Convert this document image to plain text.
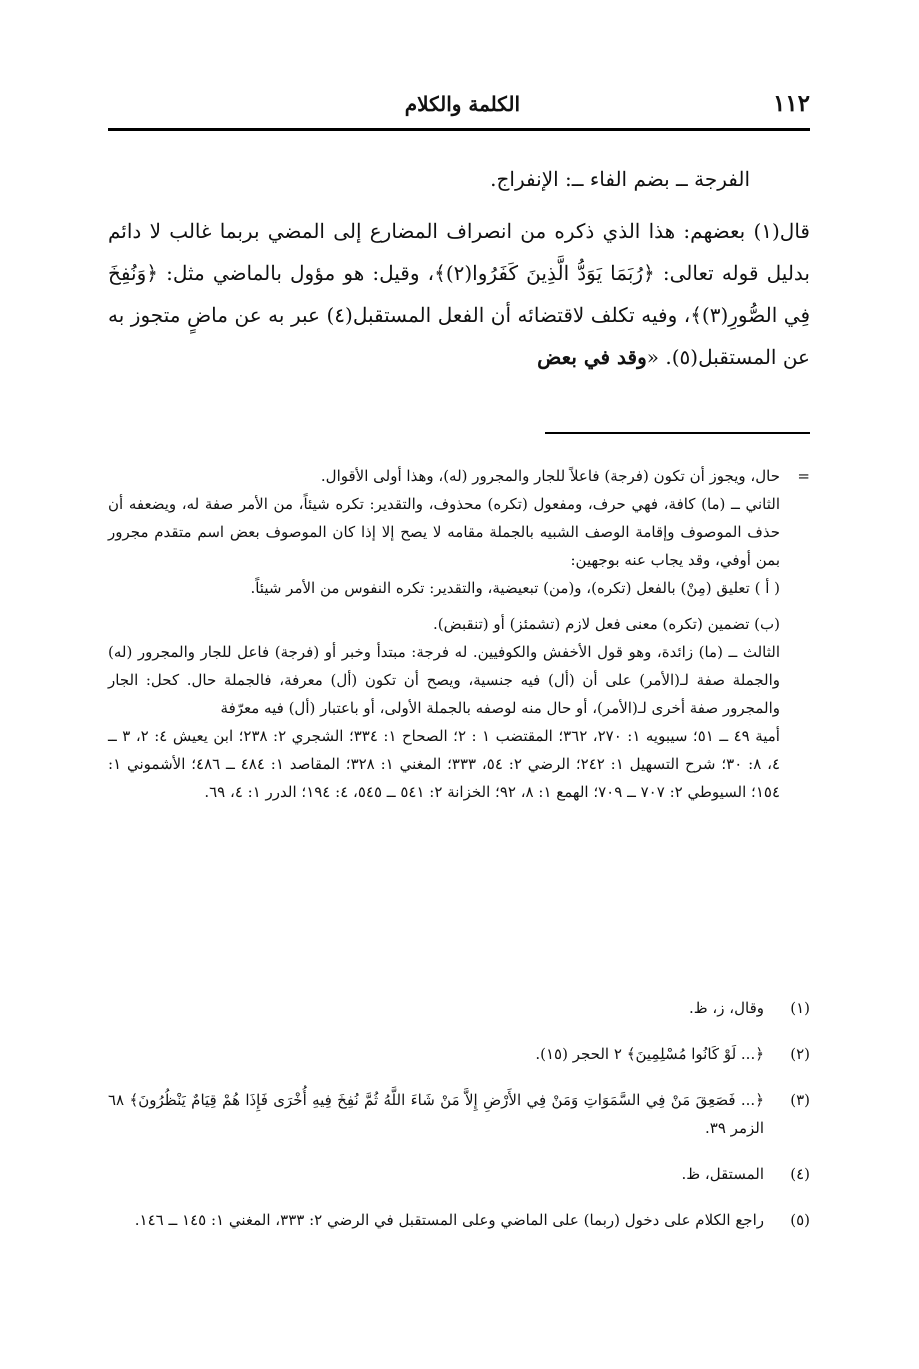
١١٢
الكلمة والكلام

الفرجة ــ بضم الفاء ــ: الإنفراج.

قال(١) بعضهم: هذا الذي ذكره من انصراف المضارع إلى المضي بربما غالب لا دائم بدليل قوله تعالى: ﴿رُبَمَا يَوَدُّ الَّذِينَ كَفَرُوا(٢)﴾، وقيل: هو مؤول بالماضي مثل: ﴿وَنُفِخَ فِي الصُّورِ(٣)﴾، وفيه تكلف لاقتضائه أن الفعل المستقبل(٤) عبر به عن ماضٍ متجوز به عن المستقبل(٥). «وقد في بعض

=حال، ويجوز أن تكون (فرجة) فاعلاً للجار والمجرور (له)، وهذا أولى الأقوال.

الثاني ــ (ما) كافة، فهي حرف، ومفعول (تكره) محذوف، والتقدير: تكره شيئاً، من الأمر صفة له، ويضعفه أن حذف الموصوف وإقامة الوصف الشبيه بالجملة مقامه لا يصح إلا إذا كان الموصوف بعض اسم متقدم مجرور بمن أوفي، وقد يجاب عنه بوجهين:

( أ ) تعليق (مِنْ) بالفعل (تكره)، و(من) تبعيضية، والتقدير: تكره النفوس من الأمر شيئاً.

(ب) تضمين (تكره) معنى فعل لازم (تشمئز) أو (تنقبض).

الثالث ــ (ما) زائدة، وهو قول الأخفش والكوفيين. له فرجة: مبتدأ وخبر أو (فرجة) فاعل للجار والمجرور (له) والجملة صفة لـ(الأمر) على أن (أل) فيه جنسية، ويصح أن تكون (أل) معرفة، فالجملة حال. كحل: الجار والمجرور صفة أخرى لـ(الأمر)، أو حال منه لوصفه بالجملة الأولى، أو باعتبار (أل) فيه معرّفة

أمية ٤٩ ــ ٥١؛ سيبويه ١: ٢٧٠، ٣٦٢؛ المقتضب ١ : ٢؛ الصحاح ١: ٣٣٤؛ الشجري ٢: ٢٣٨؛ ابن يعيش ٤: ٢، ٣ ــ ٤، ٨: ٣٠؛ شرح التسهيل ١: ٢٤٢؛ الرضي ٢: ٥٤، ٣٣٣؛ المغني ١: ٣٢٨؛ المقاصد ١: ٤٨٤ ــ ٤٨٦؛ الأشموني ١: ١٥٤؛ السيوطي ٢: ٧٠٧ ــ ٧٠٩؛ الهمع ١: ٨، ٩٢؛ الخزانة ٢: ٥٤١ ــ ٥٤٥، ٤: ١٩٤؛ الدرر ١: ٤، ٦٩.

(١)
وقال، ز، ظ.
(٢)
﴿... لَوْ كَانُوا مُسْلِمِينَ﴾ ٢ الحجر (١٥).
(٣)
﴿... فَصَعِقَ مَنْ فِي السَّمَوَاتِ وَمَنْ فِي الأَرْضِ إِلاَّ مَنْ شَاءَ اللَّهُ ثُمَّ نُفِخَ فِيهِ أُخْرَى فَإِذَا هُمْ قِيَامٌ يَنْظُرُونَ﴾ ٦٨ الزمر ٣٩.
(٤)
المستقل، ظ.
(٥)
راجع الكلام على دخول (ربما) على الماضي وعلى المستقبل في الرضي ٢: ٣٣٣، المغني ١: ١٤٥ ــ ١٤٦.
